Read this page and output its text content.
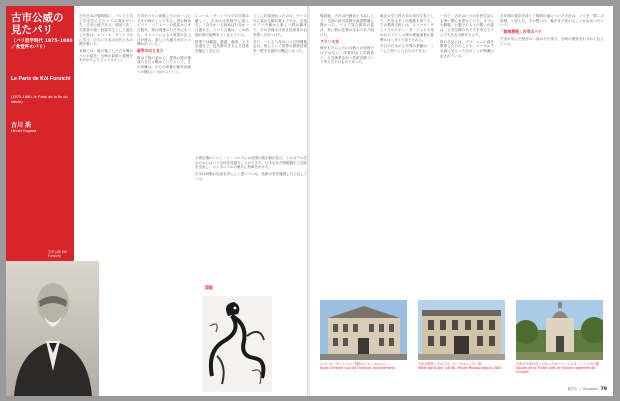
古市公威の見たパリ
（パリ留学時代 1875–1880／食堂杯のパリ）
Le Paris de Kōi Furuichi
(1875-1880, le Paris de la fin du siècle)
古川 浩
Hiroshi Kagawa
古市公威 Kōi Furuichi

近代日本の黎明期に、パリで土木工学を学んだひとりの青年がいた。古市公威である。明治八年、文部省の第一回留学生として渡仏した彼は、エコール・サントラルに学び、のちに日本の近代土木の礎を築いた。

本稿では、彼が過ごした五年間のパリの姿を、当時の資料と書簡を手がかりにたどってみたい。

古市がパリに到着したのは一八七五年の秋のことである。普仏戦争とパリ・コミューンの混乱からまだ数年、街は再建のただ中にあった。オスマンによる大改造の仕上げが進み、新しい大通りが次々と開かれていた。

留学のはじまり

彼は下宿の窓から、建設の進む街並みを日々眺めていたという。その体験は、のちの帝都の都市計画への関心につながっていく。

エコール・サントラルでの学業は厳しく、古市は日夜勉学に励んだ。「自分が一日休めば日本が一日遅れる」という言葉は、この時期の彼の姿勢をよく伝えている。

授業では橋梁、鉄道、港湾、上下水道など、近代都市を支える技術を幅広く学んだ。

とくに印象深かったのは、セーヌ川に架かる橋の数々である。石造のアーチ橋から新しい鉄の橋まで、その多様さは若き技術者の目を強く引きつけた。

また、一八七八年のパリ万国博覧会は、彼にとって世界の最新技術を一望する絶好の機会となった。

万博会場のシャン・ド・マルスには各国の展示館が並び、トロカデロ宮の丘からはパリ全体を見渡すことができた。日本もまた陶磁器や工芸品を出品し、ジャポニスムの流行に拍車をかけた。

古市は同胞の出品を誇らしく思いつつも、技術の差を痛感したと記している。

図版

帰国後、古市は内務省土木局に入り、全国の河川改修や港湾整備に携わった。パリで見た都市の姿は、常に彼の仕事の手本であり続けた。

フランス式

彼がもたらしたのは個々の技術だけではない。体系的な工学教育と、公共事業を担う技術官僚という考え方そのものであった。

東京大学工科大学の初代学長として、古市は多くの後進を育てた。その教育方針には、エコール・サントラルやポン・ゼ・ショセで培われたフランス流の理論重視の姿勢がはっきりと見てとれる。

今日の日本の土木界の基盤は、こうして形づくられたのである。

一方で、古市はパリの市民生活にも深い関心を寄せていた。カフェや劇場、公園での人々の憩いの姿は、公共空間のあり方を考えるうえで大きな示唆を与えた。

彼の日記には、ブローニュの森を散策した日のことや、ルーヴルで名画に見入った日のことが簡潔に記されている。

五年間の留学を終えて帰国の途についた古市は、パリを「第二の故郷」と呼んだ。その想いは、晩年まで変わることがなかったという。

「師弟関係」古市のパリ

古市が学んだ校舎の一部は今も残り、当時の面影をわずかに伝えている。

エコール・サントラル（現在は「ル・カルム」）
École Centrale (vue de l'avenue, actuellement)
古市が滞在したホテル「ル・カルム」の一帯
Hôtel particulier (1878), Musée Picasso depuis 1985
古市の下宿の近くにあったカーマ・ジュヌ・ド・パリ広場
Square de la Trinité, près de l'ancien logement de Furuichi
留学生 — Ryugaku 79
